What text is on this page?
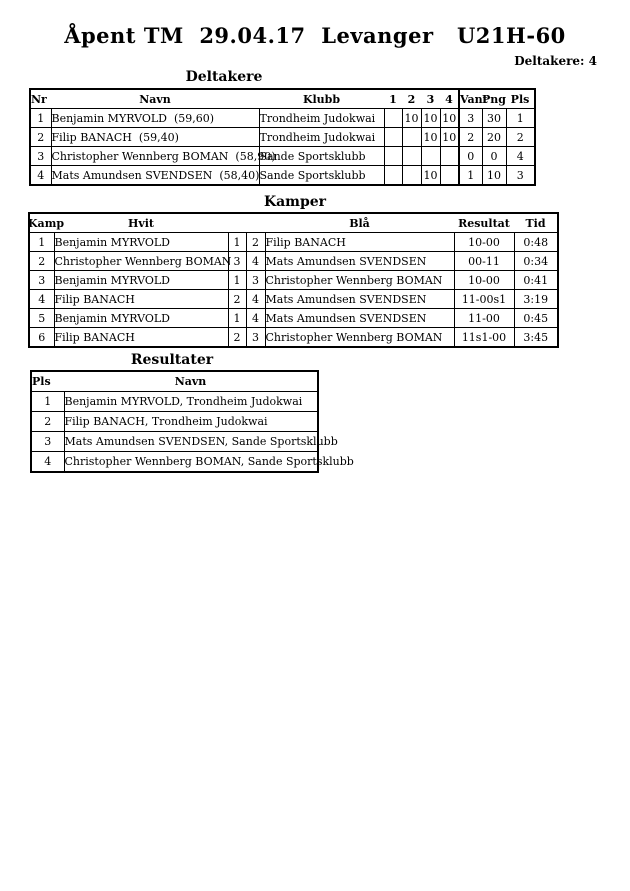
Åpent TM  29.04.17  Levanger   U21H-60
Deltakere: 4
Deltakere
Nr	Navn	Klubb	1	2	3	4	Vant	Png	Pls
1	Benjamin MYRVOLD  (59,60)	Trondheim Judokwai		10	10	10	3	30	1
2	Filip BANACH  (59,40)	Trondheim Judokwai			10	10	2	20	2
3	Christopher Wennberg BOMAN  (58,90)	Sande Sportsklubb					0	0	4
4	Mats Amundsen SVENDSEN  (58,40)	Sande Sportsklubb			10		1	10	3
Kamper
Kamp	Hvit			Blå	Resultat	Tid
1	Benjamin MYRVOLD	1	2	Filip BANACH	10-00	0:48
2	Christopher Wennberg BOMAN	3	4	Mats Amundsen SVENDSEN	00-11	0:34
3	Benjamin MYRVOLD	1	3	Christopher Wennberg BOMAN	10-00	0:41
4	Filip BANACH	2	4	Mats Amundsen SVENDSEN	11-00s1	3:19
5	Benjamin MYRVOLD	1	4	Mats Amundsen SVENDSEN	11-00	0:45
6	Filip BANACH	2	3	Christopher Wennberg BOMAN	11s1-00	3:45
Resultater
Pls	Navn
1	Benjamin MYRVOLD, Trondheim Judokwai
2	Filip BANACH, Trondheim Judokwai
3	Mats Amundsen SVENDSEN, Sande Sportsklubb
4	Christopher Wennberg BOMAN, Sande Sportsklubb
